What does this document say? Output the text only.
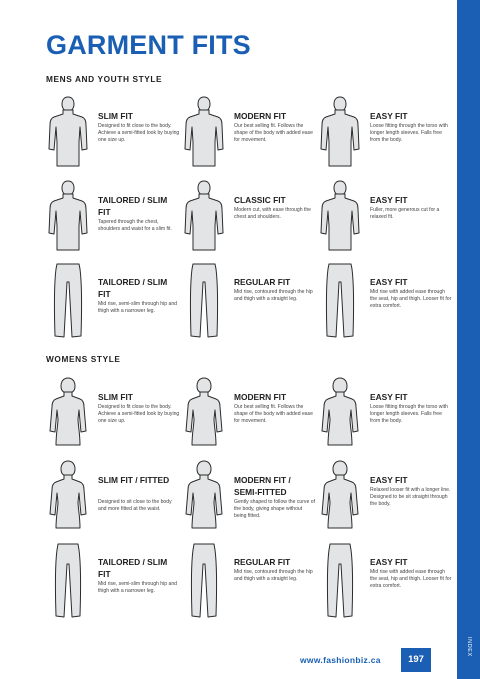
INDEX
GARMENT FITS
MENS AND YOUTH STYLE
WOMENS STYLE

SLIM FIT

Designed to fit close to the body. Achieve a semi-fitted look by buying one size up.

MODERN FIT

Our best selling fit. Follows the shape of the body with added ease for movement.

EASY FIT

Loose fitting through the torso with longer length sleeves. Falls free from the body.

TAILORED / SLIM FIT

Tapered through the chest, shoulders and waist for a slim fit.

CLASSIC FIT

Modern cut, with ease through the chest and shoulders.

EASY FIT

Fuller, more generous cut for a relaxed fit.

TAILORED / SLIM FIT

Mid rise, semi-slim through hip and thigh with a narrower leg.

REGULAR FIT

Mid rise, contoured through the hip and thigh with a straight leg.

EASY FIT

Mid rise with added ease through the seat, hip and thigh. Looser fit for extra comfort.

SLIM FIT

Designed to fit close to the body. Achieve a semi-fitted look by buying one size up.

MODERN FIT

Our best selling fit. Follows the shape of the body with added ease for movement.

EASY FIT

Loose fitting through the torso with longer length sleeves. Falls free from the body.

SLIM FIT / FITTED

Designed to sit close to the body and more fitted at the waist.

MODERN FIT / SEMI-FITTED

Gently shaped to follow the curve of the body, giving shape without being fitted.

EASY FIT

Relaxed looser fit with a longer line. Designed to be sit straight through the body.

TAILORED / SLIM FIT

Mid rise, semi-slim through hip and thigh with a narrower leg.

REGULAR FIT

Mid rise, contoured through the hip and thigh with a straight leg.

EASY FIT

Mid rise with added ease through the seat, hip and thigh. Looser fit for extra comfort.

www.fashionbiz.ca	197
